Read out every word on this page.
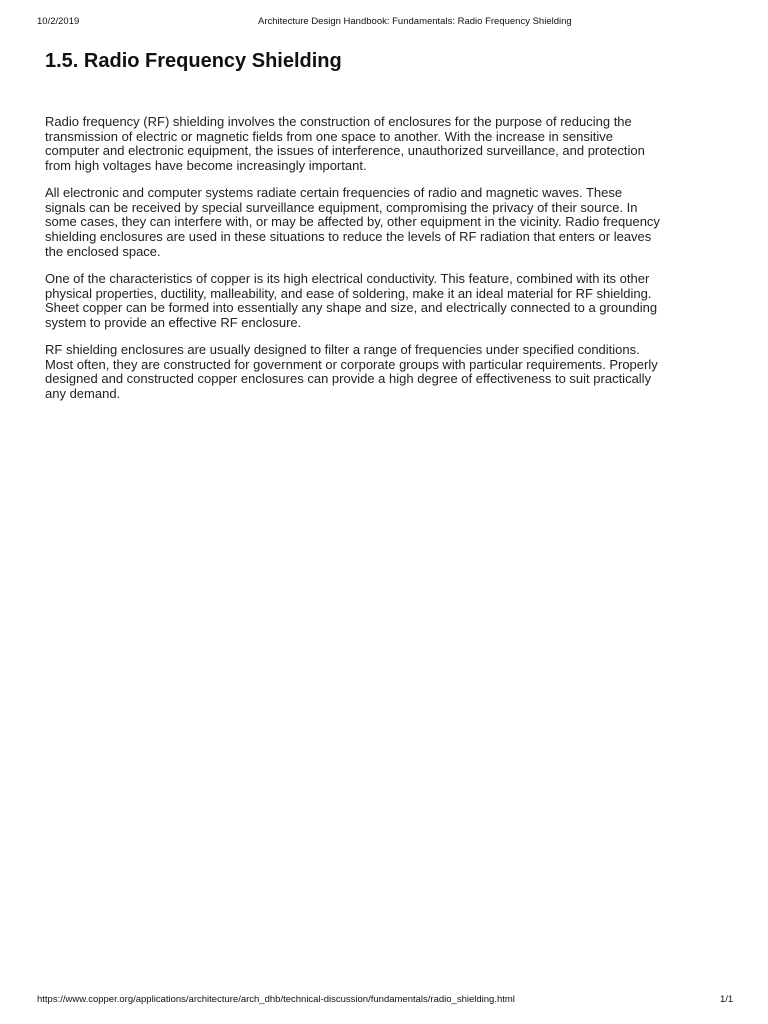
10/2/2019	Architecture Design Handbook: Fundamentals: Radio Frequency Shielding
1.5. Radio Frequency Shielding
Radio frequency (RF) shielding involves the construction of enclosures for the purpose of reducing the
transmission of electric or magnetic fields from one space to another. With the increase in sensitive
computer and electronic equipment, the issues of interference, unauthorized surveillance, and protection
from high voltages have become increasingly important.
All electronic and computer systems radiate certain frequencies of radio and magnetic waves. These
signals can be received by special surveillance equipment, compromising the privacy of their source. In
some cases, they can interfere with, or may be affected by, other equipment in the vicinity. Radio frequency
shielding enclosures are used in these situations to reduce the levels of RF radiation that enters or leaves
the enclosed space.
One of the characteristics of copper is its high electrical conductivity. This feature, combined with its other
physical properties, ductility, malleability, and ease of soldering, make it an ideal material for RF shielding.
Sheet copper can be formed into essentially any shape and size, and electrically connected to a grounding
system to provide an effective RF enclosure.
RF shielding enclosures are usually designed to filter a range of frequencies under specified conditions.
Most often, they are constructed for government or corporate groups with particular requirements. Properly
designed and constructed copper enclosures can provide a high degree of effectiveness to suit practically
any demand.
https://www.copper.org/applications/architecture/arch_dhb/technical-discussion/fundamentals/radio_shielding.html	1/1
